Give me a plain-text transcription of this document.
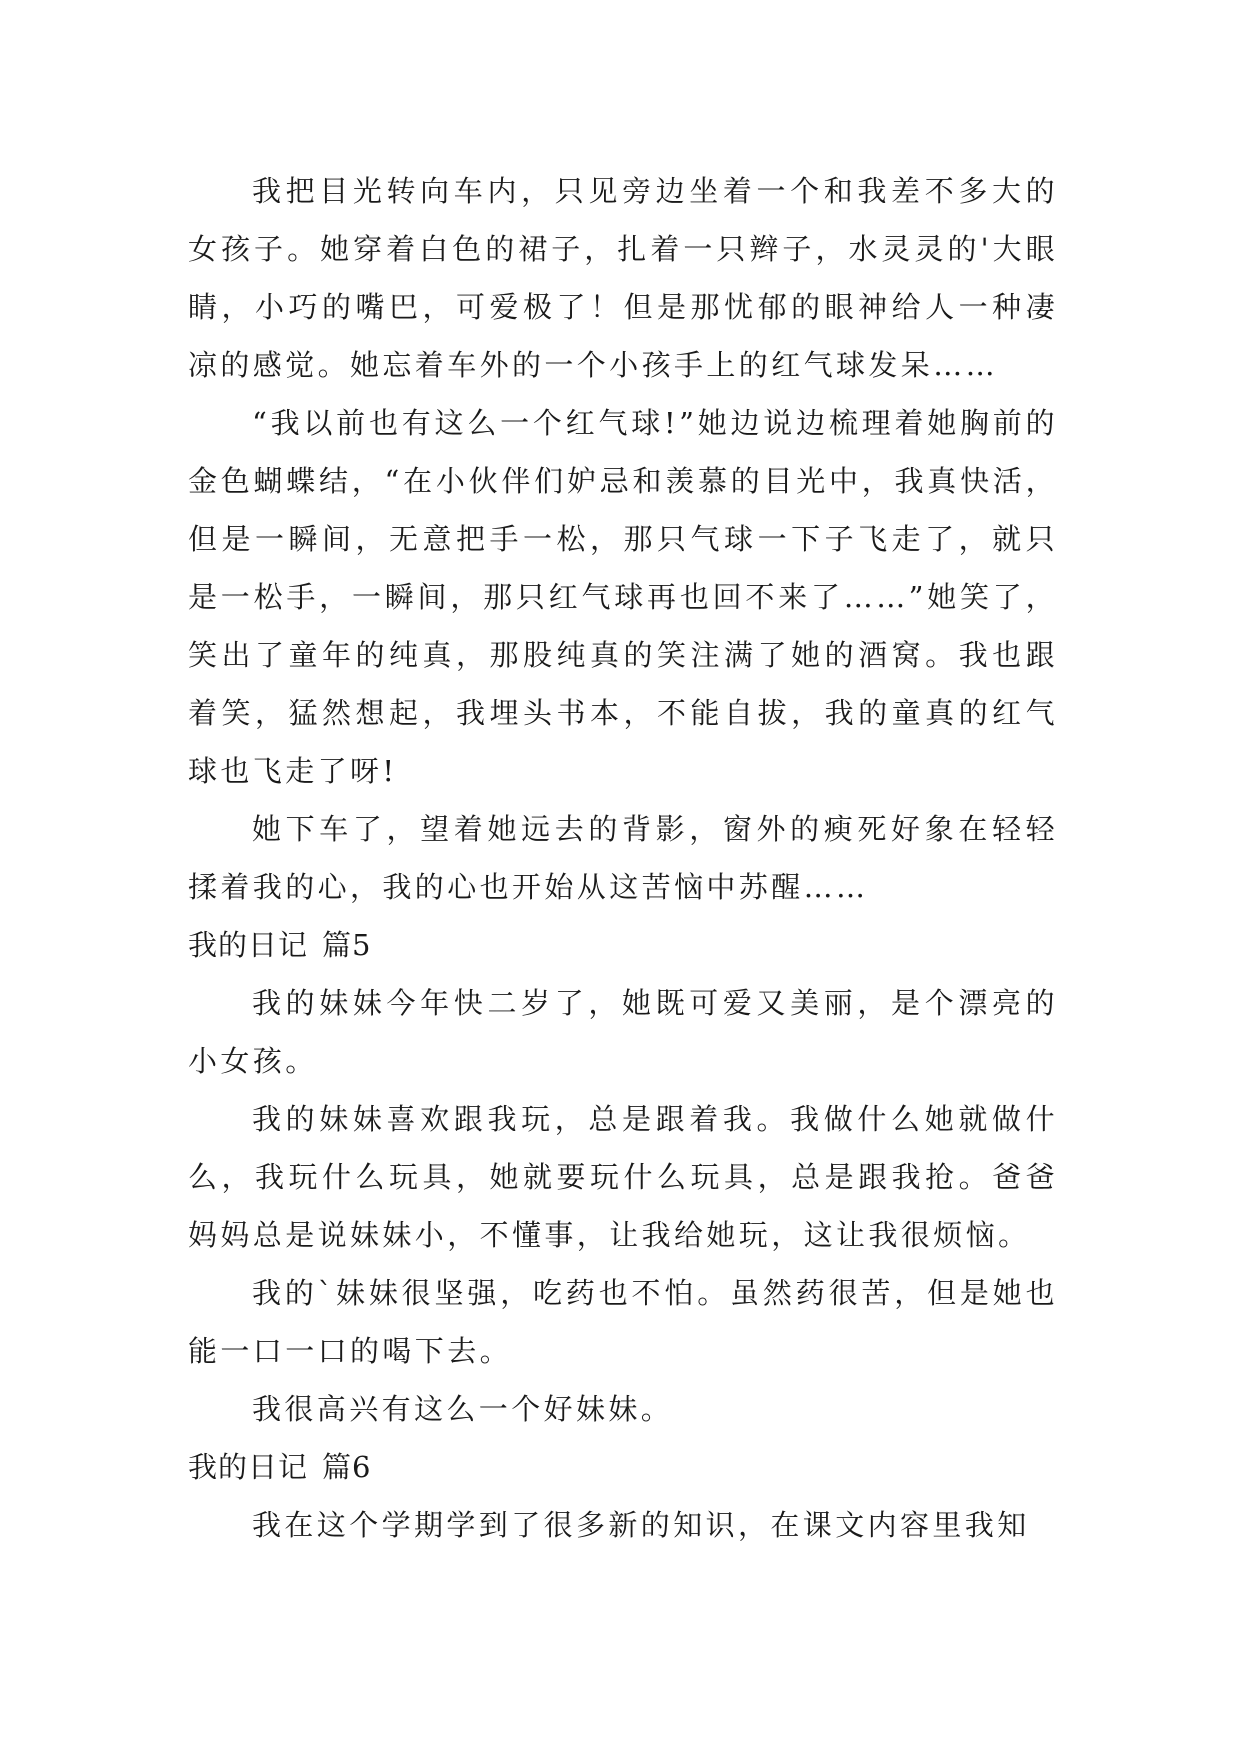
我把目光转向车内，只见旁边坐着一个和我差不多大的女孩子。她穿着白色的裙子，扎着一只辫子，水灵灵的'大眼睛，小巧的嘴巴，可爱极了！但是那忧郁的眼神给人一种凄凉的感觉。她忘着车外的一个小孩手上的红气球发呆……

“我以前也有这么一个红气球!”她边说边梳理着她胸前的金色蝴蝶结，“在小伙伴们妒忌和羡慕的目光中，我真快活，但是一瞬间，无意把手一松，那只气球一下子飞走了，就只是一松手，一瞬间，那只红气球再也回不来了……”她笑了，笑出了童年的纯真，那股纯真的笑注满了她的酒窝。我也跟着笑，猛然想起，我埋头书本，不能自拔，我的童真的红气球也飞走了呀!

她下车了，望着她远去的背影，窗外的瘐死好象在轻轻揉着我的心，我的心也开始从这苦恼中苏醒……

我的日记 篇5

我的妹妹今年快二岁了，她既可爱又美丽，是个漂亮的小女孩。

我的妹妹喜欢跟我玩，总是跟着我。我做什么她就做什么，我玩什么玩具，她就要玩什么玩具，总是跟我抢。爸爸妈妈总是说妹妹小，不懂事，让我给她玩，这让我很烦恼。

我的`妹妹很坚强，吃药也不怕。虽然药很苦，但是她也能一口一口的喝下去。

我很高兴有这么一个好妹妹。

我的日记 篇6

我在这个学期学到了很多新的知识，在课文内容里我知
